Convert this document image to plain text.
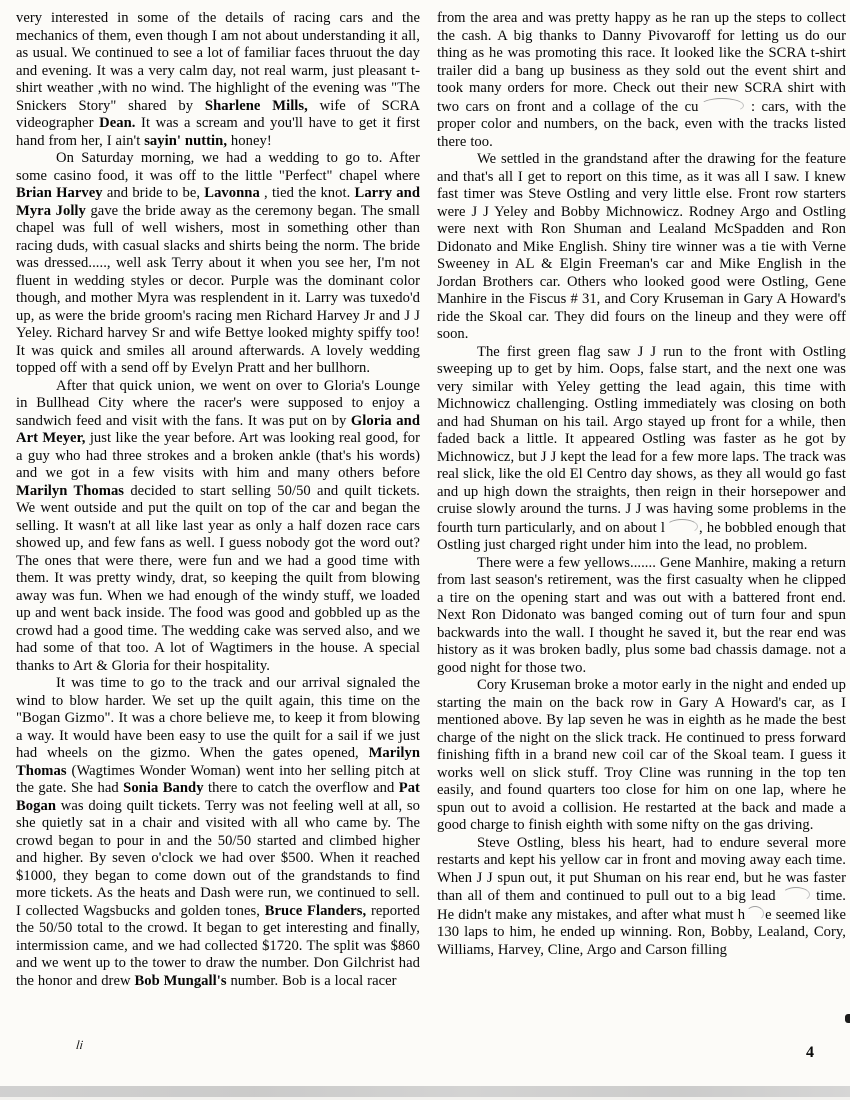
very interested in some of the details of racing cars and the mechanics of them, even though I am not about understanding it all, as usual. We continued to see a lot of familiar faces thruout the day and evening. It was a very calm day, not real warm, just pleasant t-shirt weather ,with no wind. The highlight of the evening was "The Snickers Story" shared by Sharlene Mills, wife of SCRA videographer Dean. It was a scream and you'll have to get it first hand from her, I ain't sayin' nuttin, honey!

On Saturday morning, we had a wedding to go to. After some casino food, it was off to the little "Perfect" chapel where Brian Harvey and bride to be, Lavonna , tied the knot. Larry and Myra Jolly gave the bride away as the ceremony began. The small chapel was full of well wishers, most in something other than racing duds, with casual slacks and shirts being the norm. The bride was dressed....., well ask Terry about it when you see her, I'm not fluent in wedding styles or decor. Purple was the dominant color though, and mother Myra was resplendent in it. Larry was tuxedo'd up, as were the bride groom's racing men Richard Harvey Jr and J J Yeley. Richard harvey Sr and wife Bettye looked mighty spiffy too! It was quick and smiles all around afterwards. A lovely wedding topped off with a send off by Evelyn Pratt and her bullhorn.

After that quick union, we went on over to Gloria's Lounge in Bullhead City where the racer's were supposed to enjoy a sandwich feed and visit with the fans. It was put on by Gloria and Art Meyer, just like the year before. Art was looking real good, for a guy who had three strokes and a broken ankle (that's his words) and we got in a few visits with him and many others before Marilyn Thomas decided to start selling 50/50 and quilt tickets. We went outside and put the quilt on top of the car and began the selling. It wasn't at all like last year as only a half dozen race cars showed up, and few fans as well. I guess nobody got the word out? The ones that were there, were fun and we had a good time with them. It was pretty windy, drat, so keeping the quilt from blowing away was fun. When we had enough of the windy stuff, we loaded up and went back inside. The food was good and gobbled up as the crowd had a good time. The wedding cake was served also, and we had some of that too. A lot of Wagtimers in the house. A special thanks to Art & Gloria for their hospitality.

It was time to go to the track and our arrival signaled the wind to blow harder. We set up the quilt again, this time on the "Bogan Gizmo". It was a chore believe me, to keep it from blowing a way. It would have been easy to use the quilt for a sail if we just had wheels on the gizmo. When the gates opened, Marilyn Thomas (Wagtimes Wonder Woman) went into her selling pitch at the gate. She had Sonia Bandy there to catch the overflow and Pat Bogan was doing quilt tickets. Terry was not feeling well at all, so she quietly sat in a chair and visited with all who came by. The crowd began to pour in and the 50/50 started and climbed higher and higher. By seven o'clock we had over $500. When it reached $1000, they began to come down out of the grandstands to find more tickets. As the heats and Dash were run, we continued to sell. I collected Wagsbucks and golden tones, Bruce Flanders, reported the 50/50 total to the crowd. It began to get interesting and finally, intermission came, and we had collected $1720. The split was $860 and we went up to the tower to draw the number. Don Gilchrist had the honor and drew Bob Mungall's number. Bob is a local racer

from the area and was pretty happy as he ran up the steps to collect the cash. A big thanks to Danny Pivovaroff for letting us do our thing as he was promoting this race. It looked like the SCRA t-shirt trailer did a bang up business as they sold out the event shirt and took many orders for more. Check out their new SCRA shirt with two cars on front and a collage of the cu	: cars, with the proper color and numbers, on the back, even with the tracks listed there too.

We settled in the grandstand after the drawing for the feature and that's all I get to report on this time, as it was all I saw. I knew fast timer was Steve Ostling and very little else. Front row starters were J J Yeley and Bobby Michnowicz. Rodney Argo and Ostling were next with Ron Shuman and Lealand McSpadden and Ron Didonato and Mike English. Shiny tire winner was a tie with Verne Sweeney in AL & Elgin Freeman's car and Mike English in the Jordan Brothers car. Others who looked good were Ostling, Gene Manhire in the Fiscus # 31, and Cory Kruseman in Gary A Howard's ride the Skoal car. They did fours on the lineup and they were off soon.

The first green flag saw J J run to the front with Ostling sweeping up to get by him. Oops, false start, and the next one was very similar with Yeley getting the lead again, this time with Michnowicz challenging. Ostling immediately was closing on both and had Shuman on his tail. Argo stayed up front for a while, then faded back a little. It appeared Ostling was faster as he got by Michnowicz, but J J kept the lead for a few more laps. The track was real slick, like the old El Centro day shows, as they all would go fast and up high down the straights, then reign in their horsepower and cruise slowly around the turns. J J was having some problems in the fourth turn particularly, and on about l , he bobbled enough that Ostling just charged right under him into the lead, no problem.

There were a few yellows....... Gene Manhire, making a return from last season's retirement, was the first casualty when he clipped a tire on the opening start and was out with a battered front end. Next Ron Didonato was banged coming out of turn four and spun backwards into the wall. I thought he saved it, but the rear end was history as it was broken badly, plus some bad chassis damage. not a good night for those two.

Cory Kruseman broke a motor early in the night and ended up starting the main on the back row in Gary A Howard's car, as I mentioned above. By lap seven he was in eighth as he made the best charge of the night on the slick track. He continued to press forward finishing fifth in a brand new coil car of the Skoal team. I guess it works well on slick stuff. Troy Cline was running in the top ten easily, and found quarters too close for him on one lap, where he spun out to avoid a collision. He restarted at the back and made a good charge to finish eighth with some nifty on the gas driving.

Steve Ostling, bless his heart, had to endure several more restarts and kept his yellow car in front and moving away each time. When J J spun out, it put Shuman on his rear end, but he was faster than all of them and continued to pull out to a big lead  time. He didn't make any mistakes, and after what must h e seemed like 130 laps to him, he ended up winning. Ron, Bobby, Lealand, Cory, Williams, Harvey, Cline, Argo and Carson filling

li	4
